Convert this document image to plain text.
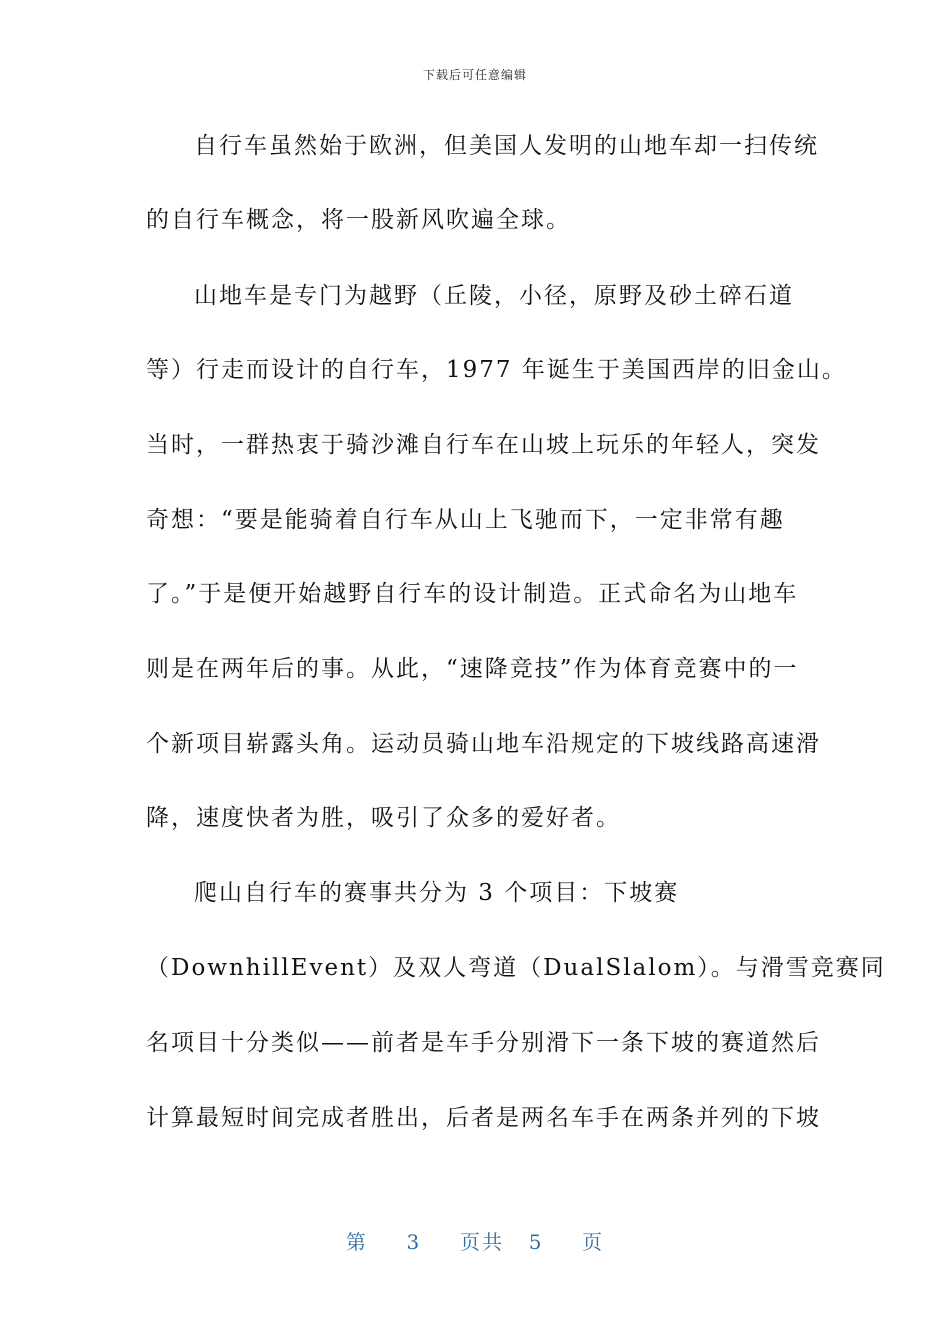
下载后可任意编辑
自行车虽然始于欧洲，但美国人发明的山地车却一扫传统
的自行车概念，将一股新风吹遍全球。
山地车是专门为越野（丘陵，小径，原野及砂土碎石道
等）行走而设计的自行车，1977 年诞生于美国西岸的旧金山。
当时，一群热衷于骑沙滩自行车在山坡上玩乐的年轻人，突发
奇想：“要是能骑着自行车从山上飞驰而下，一定非常有趣
了。”于是便开始越野自行车的设计制造。正式命名为山地车
则是在两年后的事。从此，“速降竞技”作为体育竞赛中的一
个新项目崭露头角。运动员骑山地车沿规定的下坡线路高速滑
降，速度快者为胜，吸引了众多的爱好者。
爬山自行车的赛事共分为 3 个项目：下坡赛
（DownhillEvent）及双人弯道（DualSlalom）。与滑雪竞赛同
名项目十分类似——前者是车手分别滑下一条下坡的赛道然后
计算最短时间完成者胜出，后者是两名车手在两条并列的下坡
第 3 页共 5 页
